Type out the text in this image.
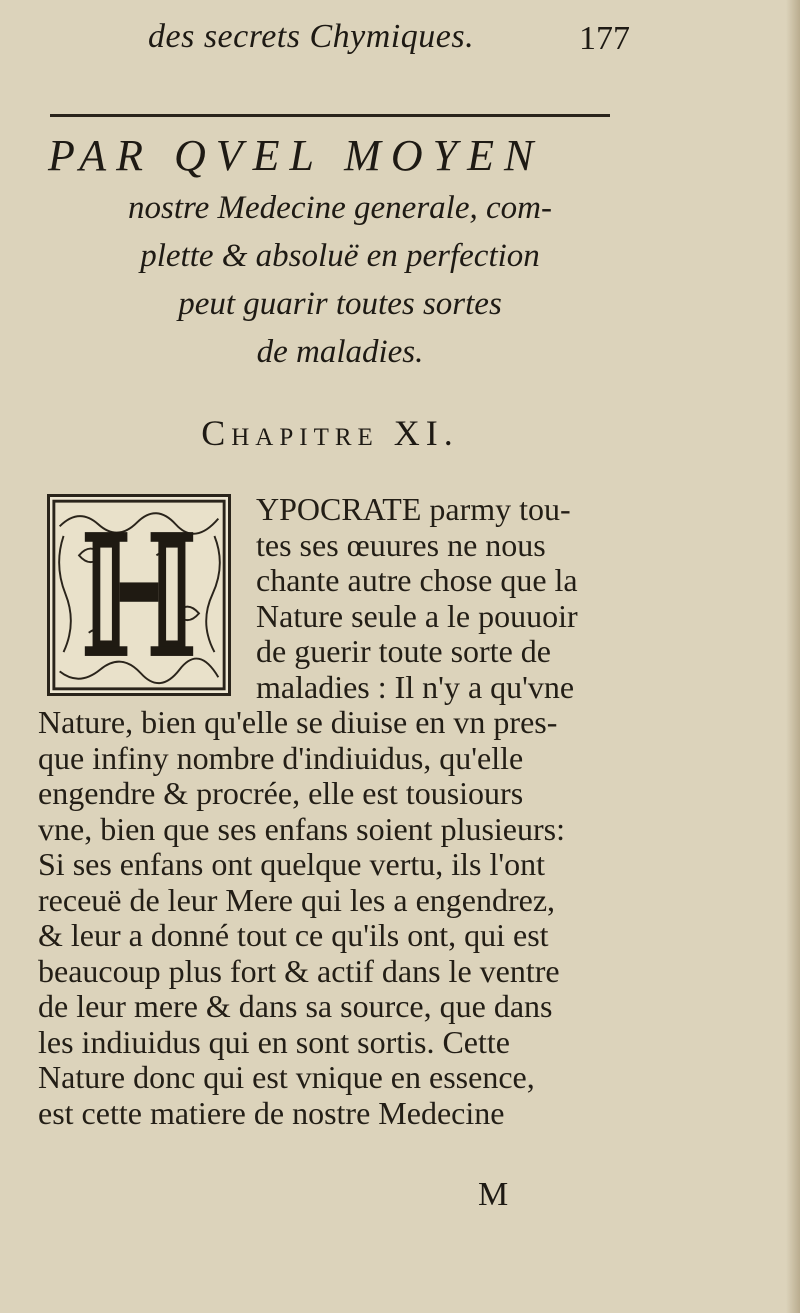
des secrets Chymiques.	177

PAR QVEL MOYEN

nostre Medecine generale, com-

plette & absoluë en perfection

peut guarir toutes sortes

de maladies.

Chapitre XI.

YPOCRATE parmy tou-

tes ses œuures ne nous

chante autre chose que la

Nature seule a le pouuoir

de guerir toute sorte de

maladies : Il n'y a qu'vne

Nature, bien qu'elle se diuise en vn pres-

que infiny nombre d'indiuidus, qu'elle

engendre & procrée, elle est tousiours

vne, bien que ses enfans soient plusieurs:

Si ses enfans ont quelque vertu, ils l'ont

receuë de leur Mere qui les a engendrez,

& leur a donné tout ce qu'ils ont, qui est

beaucoup plus fort & actif dans le ventre

de leur mere & dans sa source, que dans

les indiuidus qui en sont sortis. Cette

Nature donc qui est vnique en essence,

est cette matiere de nostre Medecine

M
